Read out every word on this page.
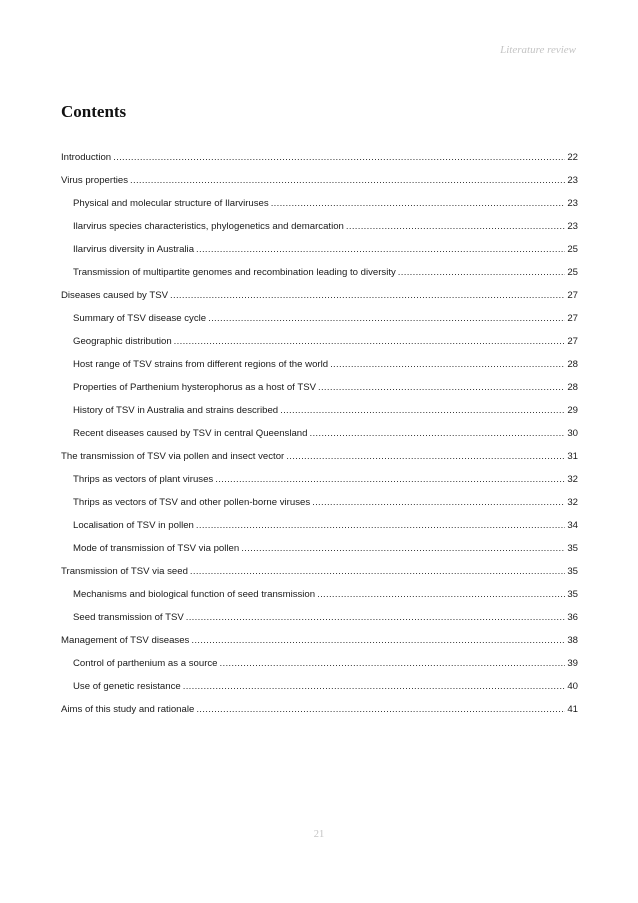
Literature review
Contents
Introduction .....	22
Virus properties .....	23
Physical and molecular structure of Ilarviruses .....	23
Ilarvirus species characteristics, phylogenetics and demarcation .....	23
Ilarvirus diversity in Australia .....	25
Transmission of multipartite genomes and recombination leading to diversity .....	25
Diseases caused by TSV .....	27
Summary of TSV disease cycle .....	27
Geographic distribution .....	27
Host range of TSV strains from different regions of the world .....	28
Properties of Parthenium hysterophorus as a host of TSV .....	28
History of TSV in Australia and strains described .....	29
Recent diseases caused by TSV in central Queensland .....	30
The transmission of TSV via pollen and insect vector .....	31
Thrips as vectors of plant viruses .....	32
Thrips as vectors of TSV and other pollen-borne viruses .....	32
Localisation of TSV in pollen .....	34
Mode of transmission of TSV via pollen .....	35
Transmission of TSV via seed .....	35
Mechanisms and biological function of seed transmission .....	35
Seed transmission of TSV .....	36
Management of TSV diseases .....	38
Control of parthenium as a source .....	39
Use of genetic resistance .....	40
Aims of this study and rationale .....	41
21
